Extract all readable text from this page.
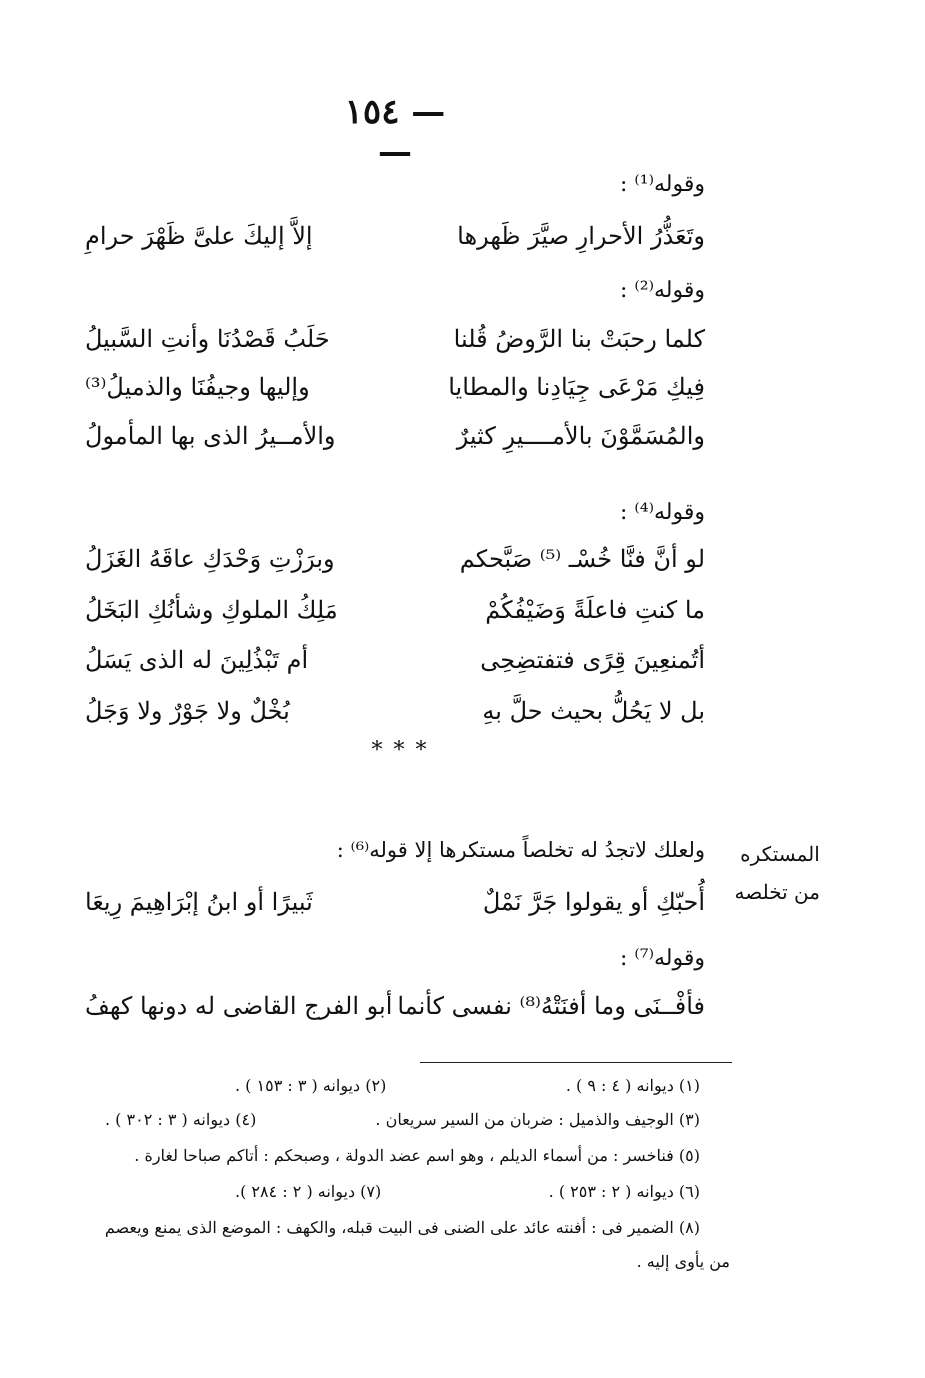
— ١٥٤ —
وقوله⁽¹⁾ :
وتَعَذُّرُ الأحرارِ صيَّرَ ظَهرها
إلاَّ إليكَ علىَّ ظَهْرَ حرامِ
وقوله⁽²⁾ :
كلما رحبَتْ بنا الرَّوضُ قُلنا
حَلَبُ قَصْدُنَا وأنتِ السَّبيلُ
فِيكِ مَرْعَى جِيَادِنا والمطايا
وإليها وجيفُنَا والذميلُ⁽³⁾
والمُسَمَّوْنَ بالأمــــيرِ كثيرٌ
والأمــيرُ الذى بها المأمولُ
وقوله⁽⁴⁾ :
لو أنَّ فنَّا خُسْـ ⁽⁵⁾ صَبَّحكم
وبرَزْتِ وَحْدَكِ عاقَهُ الغَزَلُ
ما كنتِ فاعلَةً وَضَيْفُكُمْ
مَلِكُ الملوكِ وشأنُكِ البَخَلُ
أتُمنعِينَ قِرًى فتفتضِحِى
أم تَبْذُلِينَ له الذى يَسَلُ
بل لا يَحُلُّ بحيث حلَّ بهِ
بُخْلٌ ولا جَوْرٌ ولا وَجَلُ
* * *
المستكره
من تخلصه
ولعلك لاتجدُ له تخلصاً مستكرها إلا قوله⁽⁶⁾ :
أُحبّكِ أو يقولوا جَرَّ نَمْلٌ
ثَبيرًا أو ابنُ إبْرَاهِيمَ رِيعَا
وقوله⁽⁷⁾ :
فأفْــنَى وما أفنَتْهُ⁽⁸⁾ نفسى كأنما
أبو الفرج القاضى له دونها كهفُ
(١) ديوانه ( ٤ : ٩ ) .
(٢) ديوانه ( ٣ : ١٥٣ ) .
(٣) الوجيف والذميل : ضربان من السير سريعان .
(٤) ديوانه ( ٣ : ٣٠٢ ) .
(٥) فناخسر : من أسماء الديلم ، وهو اسم عضد الدولة ، وصبحكم : أتاكم صباحا لغارة .
(٦) ديوانه ( ٢ : ٢٥٣ ) .
(٧) ديوانه ( ٢ : ٢٨٤ ).
(٨) الضمير فى : أفنته عائد على الضنى فى البيت قبله، والكهف : الموضع الذى يمنع ويعصم
من يأوى إليه .
